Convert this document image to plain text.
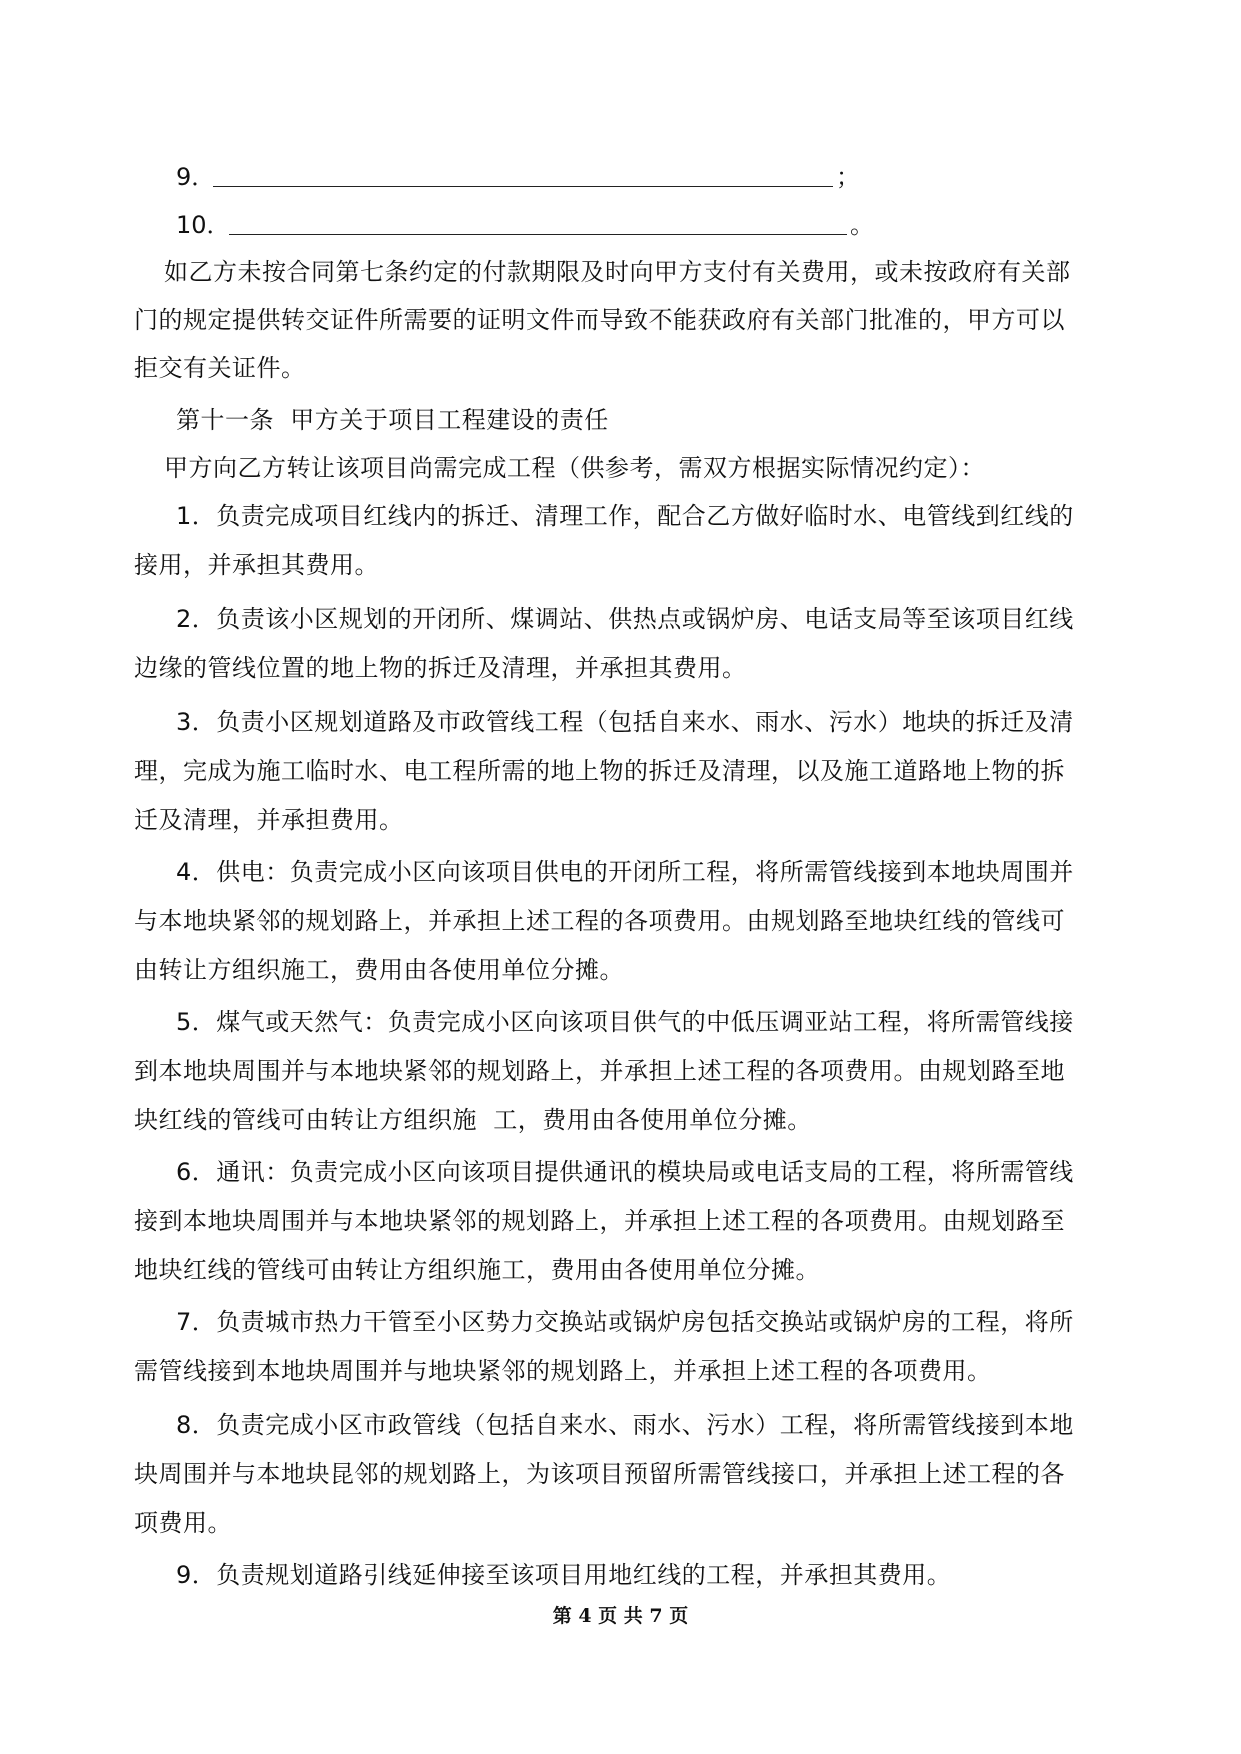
9．	；
10．	。
如乙方未按合同第七条约定的付款期限及时向甲方支付有关费用，或未按政府有关部
门的规定提供转交证件所需要的证明文件而导致不能获政府有关部门批准的，甲方可以
拒交有关证件。
第十一条  甲方关于项目工程建设的责任
甲方向乙方转让该项目尚需完成工程（供参考，需双方根据实际情况约定）：
1．负责完成项目红线内的拆迁、清理工作，配合乙方做好临时水、电管线到红线的
接用，并承担其费用。
2．负责该小区规划的开闭所、煤调站、供热点或锅炉房、电话支局等至该项目红线
边缘的管线位置的地上物的拆迁及清理，并承担其费用。
3．负责小区规划道路及市政管线工程（包括自来水、雨水、污水）地块的拆迁及清
理，完成为施工临时水、电工程所需的地上物的拆迁及清理，以及施工道路地上物的拆
迁及清理，并承担费用。
4．供电：负责完成小区向该项目供电的开闭所工程，将所需管线接到本地块周围并
与本地块紧邻的规划路上，并承担上述工程的各项费用。由规划路至地块红线的管线可
由转让方组织施工，费用由各使用单位分摊。
5．煤气或天然气：负责完成小区向该项目供气的中低压调亚站工程，将所需管线接
到本地块周围并与本地块紧邻的规划路上，并承担上述工程的各项费用。由规划路至地
块红线的管线可由转让方组织施  工，费用由各使用单位分摊。
6．通讯：负责完成小区向该项目提供通讯的模块局或电话支局的工程，将所需管线
接到本地块周围并与本地块紧邻的规划路上，并承担上述工程的各项费用。由规划路至
地块红线的管线可由转让方组织施工，费用由各使用单位分摊。
7．负责城市热力干管至小区势力交换站或锅炉房包括交换站或锅炉房的工程，将所
需管线接到本地块周围并与地块紧邻的规划路上，并承担上述工程的各项费用。
8．负责完成小区市政管线（包括自来水、雨水、污水）工程，将所需管线接到本地
块周围并与本地块昆邻的规划路上，为该项目预留所需管线接口，并承担上述工程的各
项费用。
9．负责规划道路引线延伸接至该项目用地红线的工程，并承担其费用。
第 4 页 共 7 页
